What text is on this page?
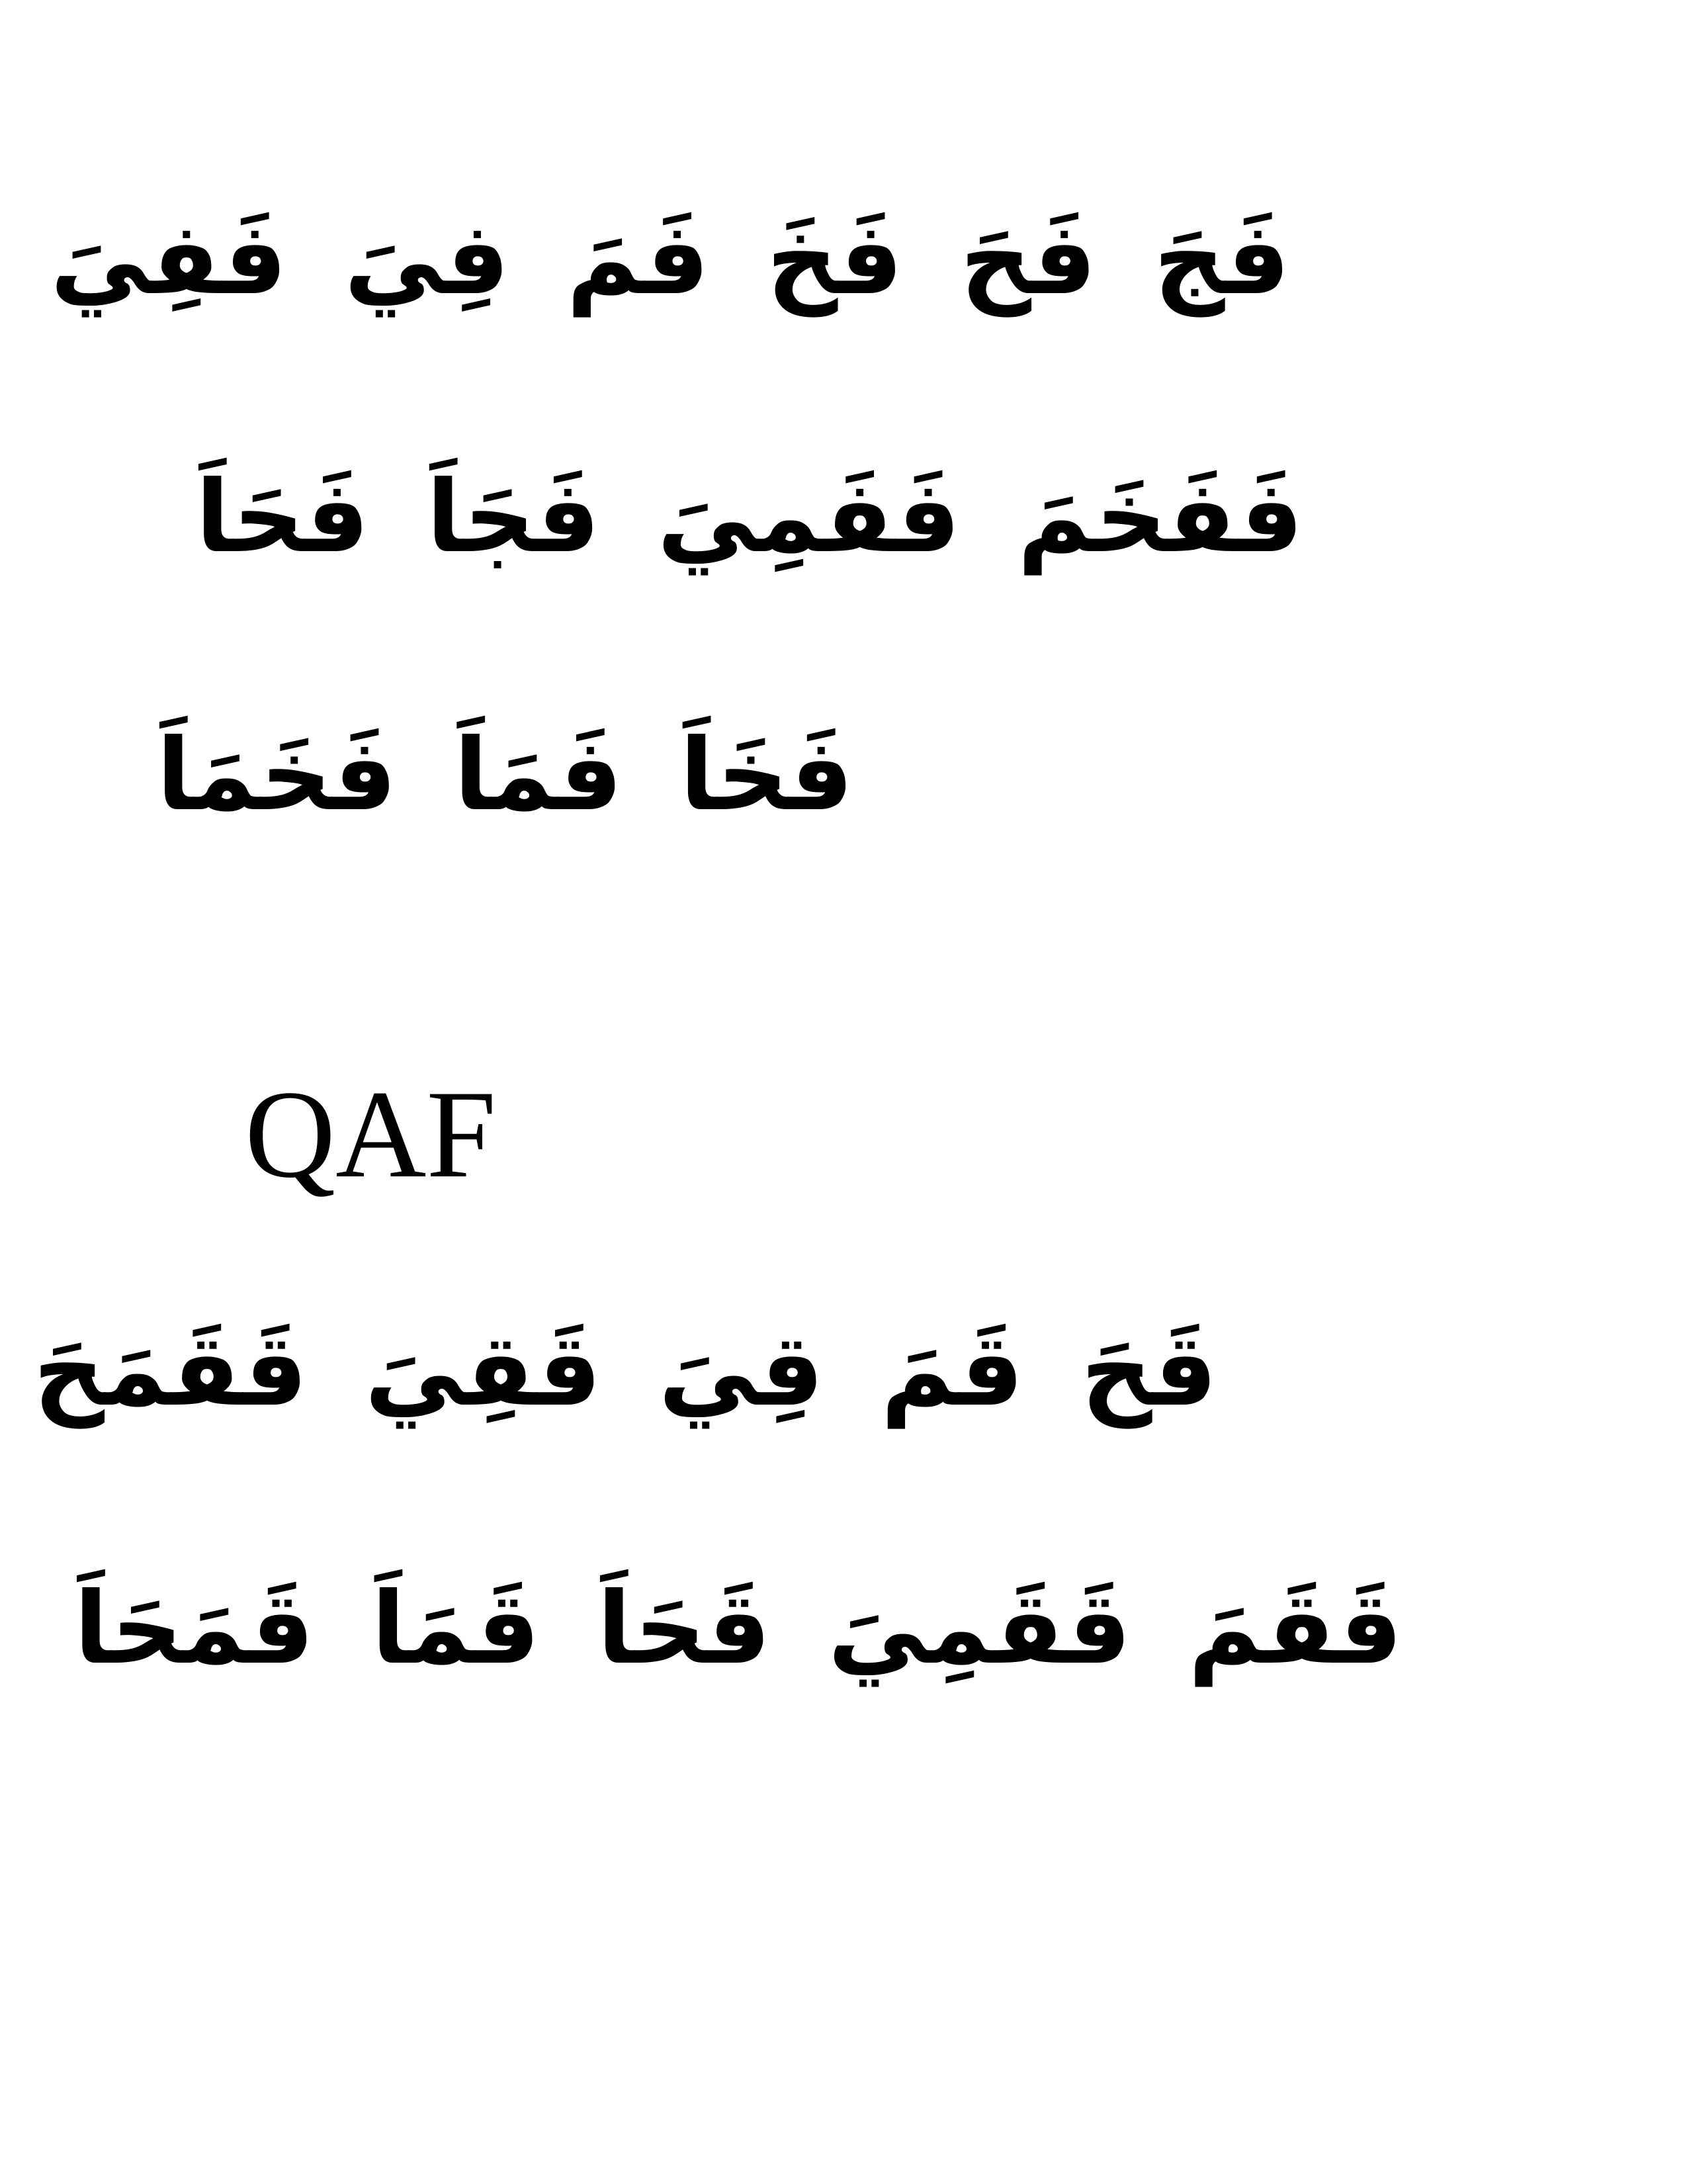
فَجَ فَحَ فَخَ فَمَ فِيَ فَفِيَ
فَفَخَمَ فَفَمِيَ فَجَاَ فَحَاَ
فَخَاَ فَمَاَ فَخَمَاَ
QAF
قَحَ قَمَ قِيَ قَقِيَ قَقَمَحَ
قَقَمَ قَقَمِيَ قَحَاَ قَمَاَ قَمَحَاَ
